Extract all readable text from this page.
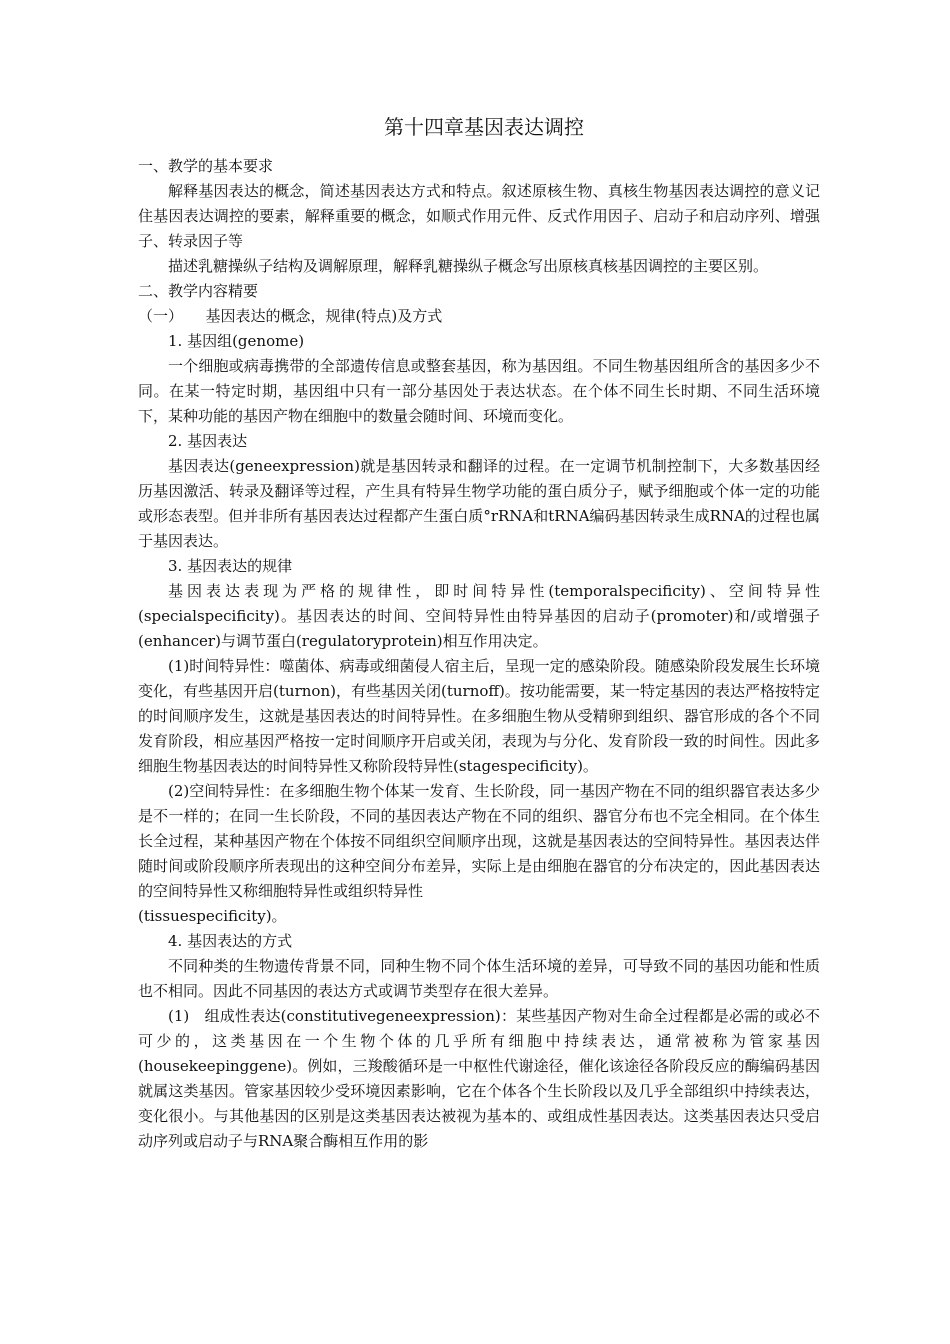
第十四章基因表达调控

一、教学的基本要求

解释基因表达的概念，简述基因表达方式和特点。叙述原核生物、真核生物基因表达调控的意义记住基因表达调控的要素，解释重要的概念，如顺式作用元件、反式作用因子、启动子和启动序列、增强子、转录因子等

描述乳糖操纵子结构及调解原理，解释乳糖操纵子概念写出原核真核基因调控的主要区别。

二、教学内容精要

（一）　　基因表达的概念，规律(特点)及方式

1. 基因组(genome)

一个细胞或病毒携带的全部遗传信息或整套基因，称为基因组。不同生物基因组所含的基因多少不同。在某一特定时期，基因组中只有一部分基因处于表达状态。在个体不同生长时期、不同生活环境下，某种功能的基因产物在细胞中的数量会随时间、环境而变化。

2. 基因表达

基因表达(geneexpression)就是基因转录和翻译的过程。在一定调节机制控制下，大多数基因经历基因激活、转录及翻译等过程，产生具有特异生物学功能的蛋白质分子，赋予细胞或个体一定的功能或形态表型。但并非所有基因表达过程都产生蛋白质°rRNA和tRNA编码基因转录生成RNA的过程也属于基因表达。

3. 基因表达的规律

基因表达表现为严格的规律性，即时间特异性(temporalspecificity)、空间特异性(specialspecificity)。基因表达的时间、空间特异性由特异基因的启动子(promoter)和/或增强子(enhancer)与调节蛋白(regulatoryprotein)相互作用决定。

(1)时间特异性：噬菌体、病毒或细菌侵人宿主后，呈现一定的感染阶段。随感染阶段发展生长环境变化，有些基因开启(turnon)，有些基因关闭(turnoff)。按功能需要，某一特定基因的表达严格按特定的时间顺序发生，这就是基因表达的时间特异性。在多细胞生物从受精卵到组织、器官形成的各个不同发育阶段，相应基因严格按一定时间顺序开启或关闭，表现为与分化、发育阶段一致的时间性。因此多细胞生物基因表达的时间特异性又称阶段特异性(stagespecificity)。

(2)空间特异性：在多细胞生物个体某一发育、生长阶段，同一基因产物在不同的组织器官表达多少是不一样的；在同一生长阶段，不同的基因表达产物在不同的组织、器官分布也不完全相同。在个体生长全过程，某种基因产物在个体按不同组织空间顺序出现，这就是基因表达的空间特异性。基因表达伴随时间或阶段顺序所表现出的这种空间分布差异，实际上是由细胞在器官的分布决定的，因此基因表达的空间特异性又称细胞特异性或组织特异性

(tissuespecificity)。

4. 基因表达的方式

不同种类的生物遗传背景不同，同种生物不同个体生活环境的差异，可导致不同的基因功能和性质也不相同。因此不同基因的表达方式或调节类型存在很大差异。

(1)　组成性表达(constitutivegeneexpression)：某些基因产物对生命全过程都是必需的或必不可少的，这类基因在一个生物个体的几乎所有细胞中持续表达，通常被称为管家基因(housekeepinggene)。例如，三羧酸循环是一中枢性代谢途径，催化该途径各阶段反应的酶编码基因就属这类基因。管家基因较少受环境因素影响，它在个体各个生长阶段以及几乎全部组织中持续表达，变化很小。与其他基因的区别是这类基因表达被视为基本的、或组成性基因表达。这类基因表达只受启动序列或启动子与RNA聚合酶相互作用的影
